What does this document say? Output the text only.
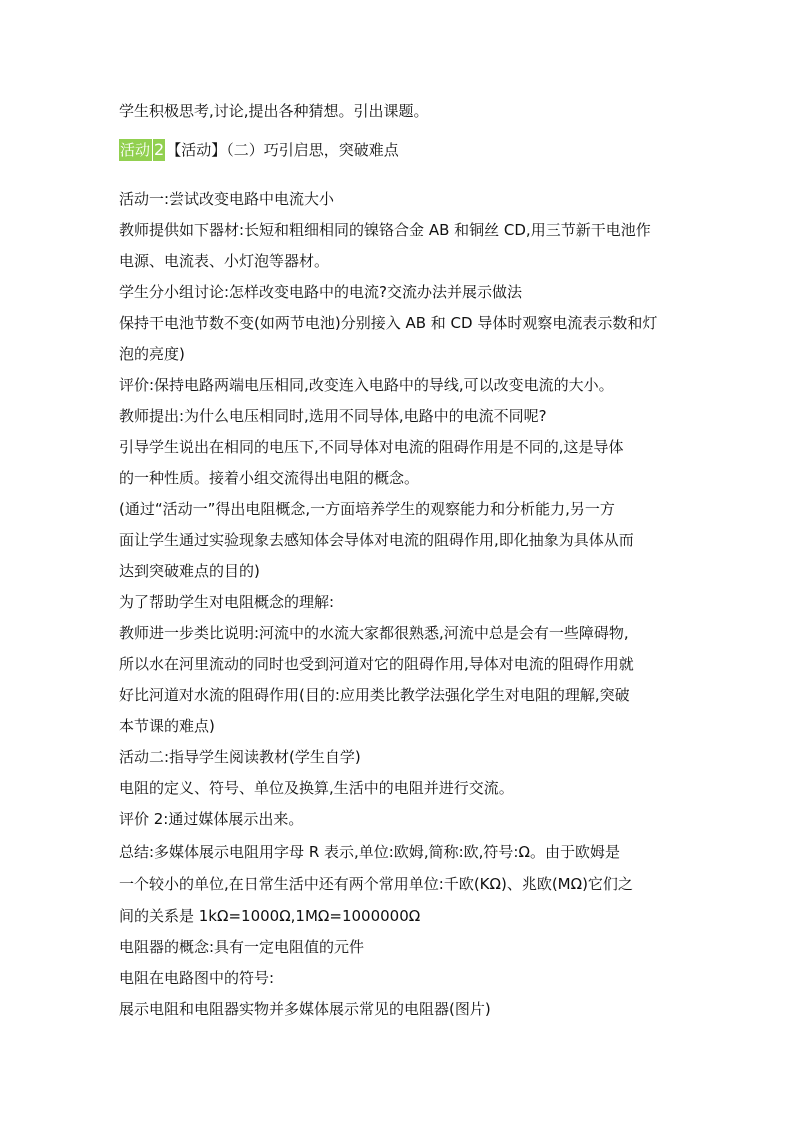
学生积极思考,讨论,提出各种猜想。引出课题。
活动 2 【活动】（二）巧引启思，突破难点
活动一:尝试改变电路中电流大小
教师提供如下器材:长短和粗细相同的镍铬合金 AB 和铜丝 CD,用三节新干电池作
电源、电流表、小灯泡等器材。
学生分小组讨论:怎样改变电路中的电流?交流办法并展示做法
保持干电池节数不变(如两节电池)分别接入 AB 和 CD 导体时观察电流表示数和灯
泡的亮度)
评价:保持电路两端电压相同,改变连入电路中的导线,可以改变电流的大小。
教师提出:为什么电压相同时,选用不同导体,电路中的电流不同呢?
引导学生说出在相同的电压下,不同导体对电流的阻碍作用是不同的,这是导体
的一种性质。接着小组交流得出电阻的概念。
(通过“活动一”得出电阻概念,一方面培养学生的观察能力和分析能力,另一方
面让学生通过实验现象去感知体会导体对电流的阻碍作用,即化抽象为具体从而
达到突破难点的目的)
为了帮助学生对电阻概念的理解:
教师进一步类比说明:河流中的水流大家都很熟悉,河流中总是会有一些障碍物,
所以水在河里流动的同时也受到河道对它的阻碍作用,导体对电流的阻碍作用就
好比河道对水流的阻碍作用(目的:应用类比教学法强化学生对电阻的理解,突破
本节课的难点)
活动二:指导学生阅读教材(学生自学)
电阻的定义、符号、单位及换算,生活中的电阻并进行交流。
评价 2:通过媒体展示出来。
总结:多媒体展示电阻用字母 R 表示,单位:欧姆,简称:欧,符号:Ω。由于欧姆是
一个较小的单位,在日常生活中还有两个常用单位:千欧(KΩ)、兆欧(MΩ)它们之
间的关系是 1kΩ=1000Ω,1MΩ=1000000Ω
电阻器的概念:具有一定电阻值的元件
电阻在电路图中的符号:
展示电阻和电阻器实物并多媒体展示常见的电阻器(图片)
